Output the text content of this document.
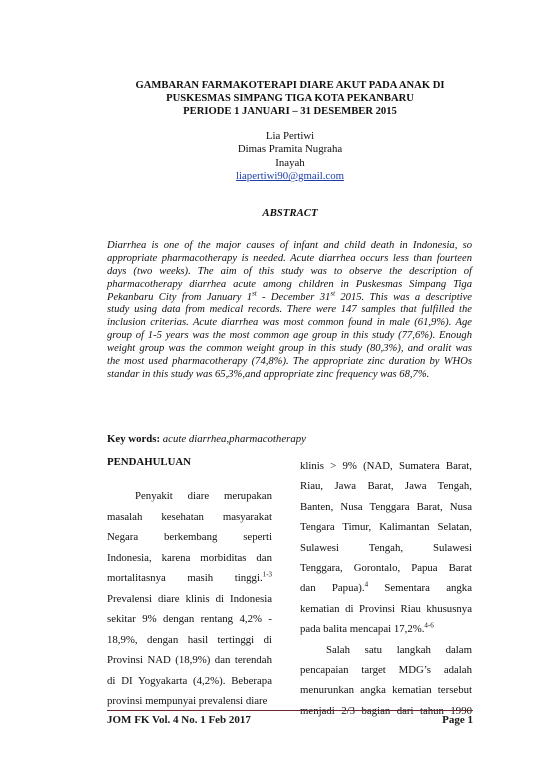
GAMBARAN FARMAKOTERAPI DIARE AKUT PADA ANAK DI
PUSKESMAS SIMPANG TIGA KOTA PEKANBARU
PERIODE 1 JANUARI – 31 DESEMBER 2015
Lia Pertiwi
Dimas Pramita Nugraha
Inayah
liapertiwi90@gmail.com
ABSTRACT
Diarrhea is one of the major causes of infant and child death in Indonesia, so
appropriate pharmacotherapy is needed. Acute diarrhea occurs less than fourteen
days (two weeks). The aim of this study was to observe the description of
pharmacotherapy diarrhea acute among children in Puskesmas Simpang Tiga
Pekanbaru City from January 1st - December 31st 2015. This was a descriptive
study using data from medical records. There were 147 samples that fulfilled the
inclusion criterias. Acute diarrhea was most common found in male (61,9%). Age
group of 1-5 years was the most common age group in this study (77,6%). Enough
weight group was the common weight group in this study (80,3%), and oralit was
the most used pharmacotherapy (74,8%). The appropriate zinc duration by WHOs
standar in this study was 65,3%,and appropriate zinc frequency was 68,7%.
Key words: acute diarrhea,pharmacotherapy
PENDAHULUAN
Penyakit diare merupakan
masalah kesehatan masyarakat
Negara berkembang seperti
Indonesia, karena morbiditas dan
mortalitasnya masih tinggi.$^{1-3}$
Prevalensi diare klinis di Indonesia
sekitar 9% dengan rentang 4,2% -
18,9%, dengan hasil tertinggi di
Provinsi NAD (18,9%) dan terendah
di DI Yogyakarta (4,2%). Beberapa
provinsi mempunyai prevalensi diare
klinis > 9% (NAD, Sumatera Barat,
Riau, Jawa Barat, Jawa Tengah,
Banten, Nusa Tenggara Barat, Nusa
Tengara Timur, Kalimantan Selatan,
Sulawesi Tengah, Sulawesi
Tenggara, Gorontalo, Papua Barat
dan Papua).$^4$ Sementara angka
kematian di Provinsi Riau khususnya
pada balita mencapai 17,2%.$^{4-6}$
Salah satu langkah dalam
pencapaian target MDG’s adalah
menurunkan angka kematian tersebut
menjadi 2/3 bagian dari tahun 1990
JOM FK Vol. 4 No. 1 Feb 2017	Page 1
